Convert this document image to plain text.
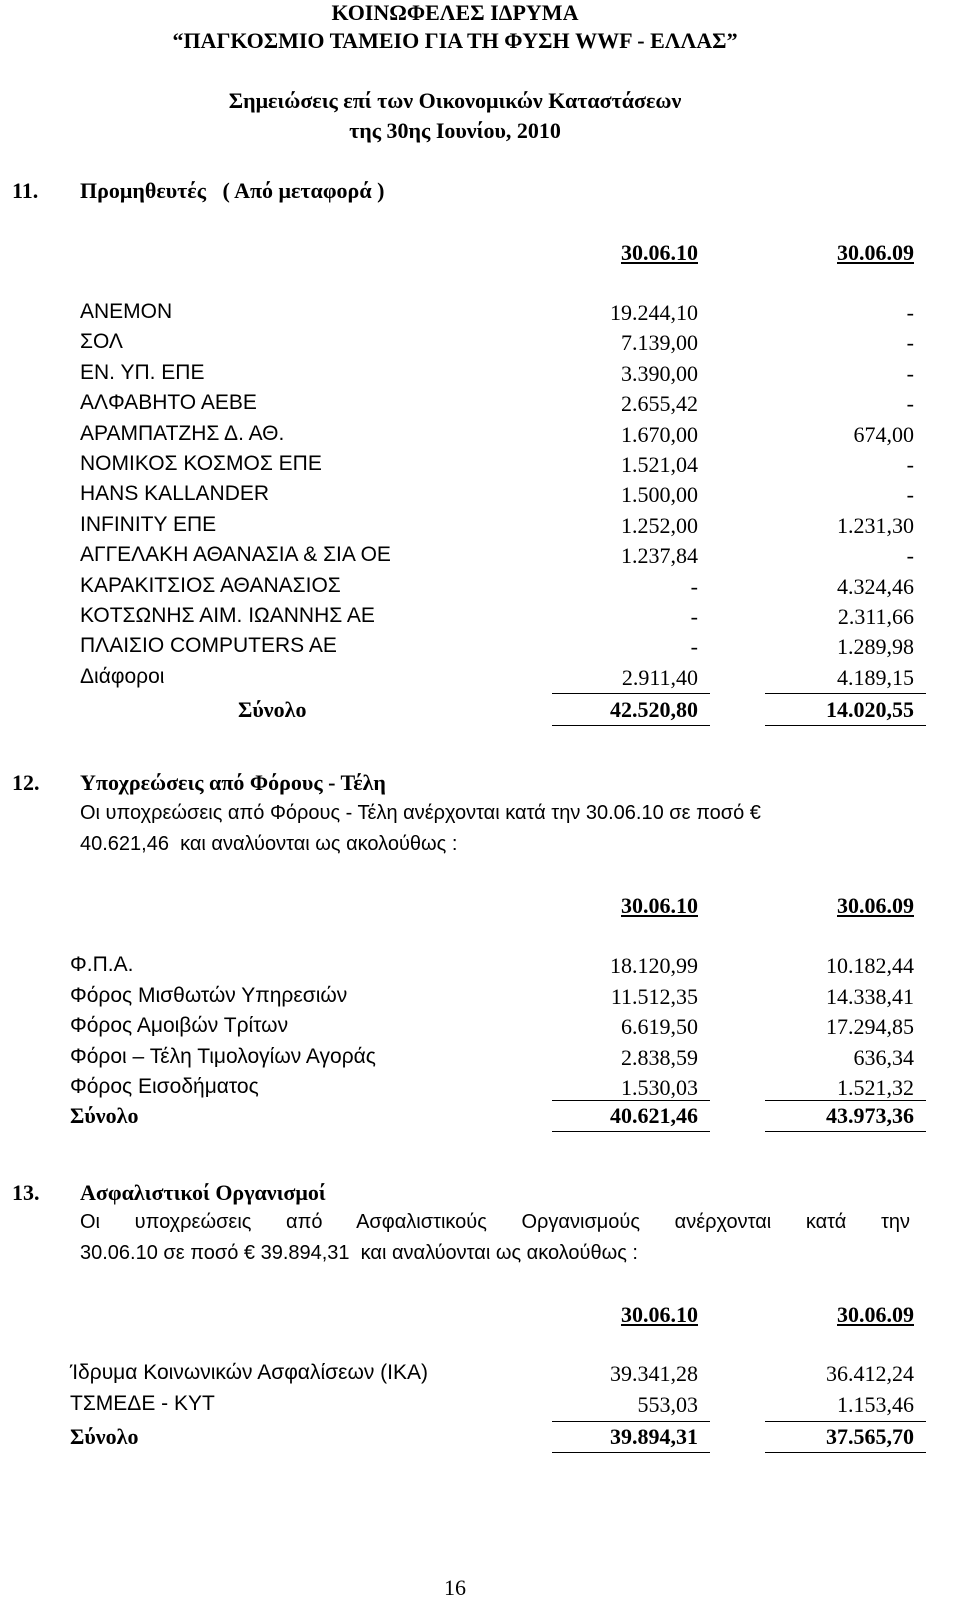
ΚΟΙΝΩΦΕΛΕΣ ΙΔΡΥΜΑ
“ΠΑΓΚΟΣΜΙΟ ΤΑΜΕΙΟ ΓΙΑ ΤΗ ΦΥΣΗ WWF - ΕΛΛΑΣ”
Σημειώσεις επί των Οικονομικών Καταστάσεων
της 30ης Ιουνίου, 2010
11. Προμηθευτές   ( Από μεταφορά )
30.06.10	30.06.09
ΑΝΕΜΟΝ	19.244,10	-
ΣΟΛ	7.139,00	-
ΕΝ. ΥΠ. ΕΠΕ	3.390,00	-
ΑΛΦΑΒΗΤΟ ΑΕΒΕ	2.655,42	-
ΑΡΑΜΠΑΤΖΗΣ Δ. ΑΘ.	1.670,00	674,00
ΝΟΜΙΚΟΣ ΚΟΣΜΟΣ ΕΠΕ	1.521,04	-
HANS KALLANDER	1.500,00	-
INFINITY ΕΠΕ	1.252,00	1.231,30
ΑΓΓΕΛΑΚΗ ΑΘΑΝΑΣΙΑ & ΣΙΑ ΟΕ	1.237,84	-
ΚΑΡΑΚΙΤΣΙΟΣ ΑΘΑΝΑΣΙΟΣ	-	4.324,46
ΚΟΤΣΩΝΗΣ ΑΙΜ. ΙΩΑΝΝΗΣ ΑΕ	-	2.311,66
ΠΛΑΙΣΙΟ COMPUTERS AE	-	1.289,98
Διάφοροι	2.911,40	4.189,15
Σύνολο	42.520,80	14.020,55
12. Υποχρεώσεις από Φόρους - Τέλη
Οι υποχρεώσεις από Φόρους - Τέλη ανέρχονται κατά την 30.06.10 σε ποσό €
40.621,46  και αναλύονται ως ακολούθως :
30.06.10	30.06.09
Φ.Π.Α.	18.120,99	10.182,44
Φόρος Μισθωτών Υπηρεσιών	11.512,35	14.338,41
Φόρος Αμοιβών Τρίτων	6.619,50	17.294,85
Φόροι – Τέλη Τιμολογίων Αγοράς	2.838,59	636,34
Φόρος Εισοδήματος	1.530,03	1.521,32
Σύνολο	40.621,46	43.973,36
13. Ασφαλιστικοί Οργανισμοί
Οι υποχρεώσεις από Ασφαλιστικούς Οργανισμούς ανέρχονται κατά την
30.06.10 σε ποσό € 39.894,31  και αναλύονται ως ακολούθως :
30.06.10	30.06.09
Ίδρυμα Κοινωνικών Ασφαλίσεων (ΙΚΑ)	39.341,28	36.412,24
ΤΣΜΕΔΕ - ΚΥΤ	553,03	1.153,46
Σύνολο	39.894,31	37.565,70
16
